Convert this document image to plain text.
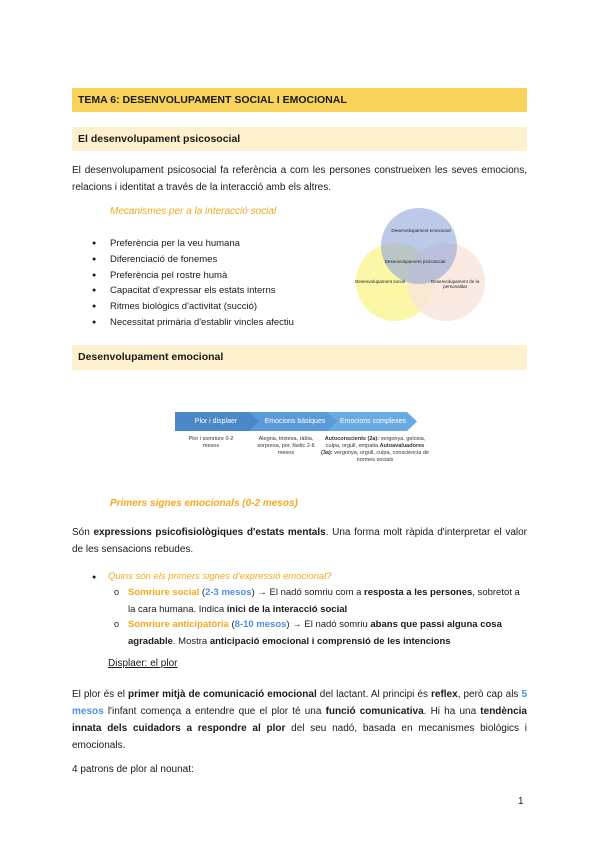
TEMA 6: DESENVOLUPAMENT SOCIAL I EMOCIONAL
El desenvolupament psicosocial
El desenvolupament psicosocial fa referència a com les persones construeixen les seves emocions, relacions i identitat a través de la interacció amb els altres.
Mecanismes per a la interacció social
● Preferència per la veu humana
● Diferenciació de fonemes
● Preferència pel rostre humà
● Capacitat d'expressar els estats interns
● Ritmes biològics d'activitat (succió)
● Necessitat primària d'establir vincles afectiu
Desenvolupament emocional
Desenvolupament social	Desenvolupament de la personalitat
Desenvolupament psicosocial
Desenvolupament emocional
Plor i displaer	Emocions bàsiques	Emocions complexes
Plor i somriure 0-2 mesos
Alegria, tristesa, ràbia, sorpresa, por, fàstic 2-6 mesos
Autoconscients (2a): vergonya, gelosia, culpa, orgull, empatia Autoavaluadores (3a): vergonya, orgull, culpa, consciència de normes socials
Primers signes emocionals (0-2 mesos)
Són expressions psicofisiològiques d'estats mentals. Una forma molt ràpida d'interpretar el valor de les sensacions rebudes.
● Quins són els primers signes d'expressió emocional?
o Somriure social (2-3 mesos) → El nadó somriu com a resposta a les persones, sobretot a la cara humana. Indica inici de la interacció social
o Somriure anticipatòria (8-10 mesos) → El nadó somriu abans que passi alguna cosa agradable. Mostra anticipació emocional i comprensió de les intencions
Displaer: el plor
El plor és el primer mitjà de comunicació emocional del lactant. Al principi és reflex, però cap als 5 mesos l'infant comença a entendre que el plor té una funció comunicativa. Hi ha una tendència innata dels cuidadors a respondre al plor del seu nadó, basada en mecanismes biològics i emocionals.
4 patrons de plor al nounat:
1
